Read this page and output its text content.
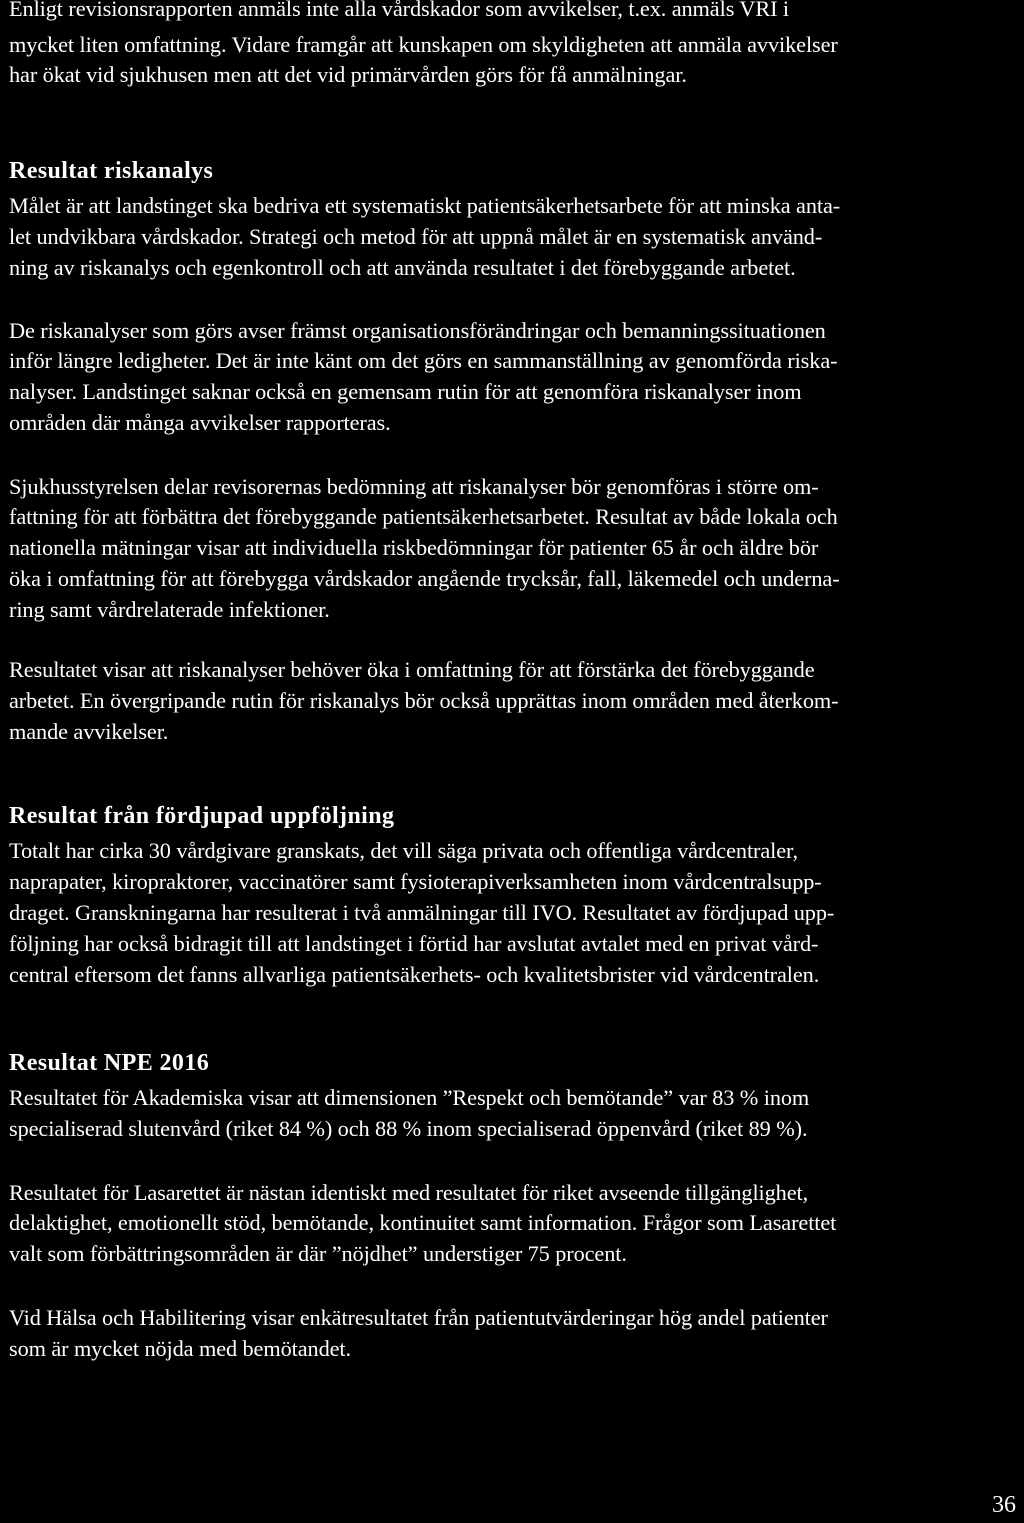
Enligt revisionsrapporten anmäls inte alla vårdskador som avvikelser, t.ex. anmäls VRI i

mycket liten omfattning. Vidare framgår att kunskapen om skyldigheten att anmäla avvikelser

har ökat vid sjukhusen men att det vid primärvården görs för få anmälningar.

Resultat riskanalys

Målet är att landstinget ska bedriva ett systematiskt patientsäkerhetsarbete för att minska anta-

let undvikbara vårdskador. Strategi och metod för att uppnå målet är en systematisk använd-

ning av riskanalys och egenkontroll och att använda resultatet i det förebyggande arbetet.

De riskanalyser som görs avser främst organisationsförändringar och bemanningssituationen

inför längre ledigheter. Det är inte känt om det görs en sammanställning av genomförda riska-

nalyser. Landstinget saknar också en gemensam rutin för att genomföra riskanalyser inom

områden där många avvikelser rapporteras.

Sjukhusstyrelsen delar revisorernas bedömning att riskanalyser bör genomföras i större om-

fattning för att förbättra det förebyggande patientsäkerhetsarbetet. Resultat av både lokala och

nationella mätningar visar att individuella riskbedömningar för patienter 65 år och äldre bör

öka i omfattning för att förebygga vårdskador angående trycksår, fall, läkemedel och underna-

ring samt vårdrelaterade infektioner.

Resultatet visar att riskanalyser behöver öka i omfattning för att förstärka det förebyggande

arbetet. En övergripande rutin för riskanalys bör också upprättas inom områden med återkom-

mande avvikelser.

Resultat från fördjupad uppföljning

Totalt har cirka 30 vårdgivare granskats, det vill säga privata och offentliga vårdcentraler,

naprapater, kiropraktorer, vaccinatörer samt fysioterapiverksamheten inom vårdcentralsupp-

draget. Granskningarna har resulterat i två anmälningar till IVO. Resultatet av fördjupad upp-

följning har också bidragit till att landstinget i förtid har avslutat avtalet med en privat vård-

central eftersom det fanns allvarliga patientsäkerhets- och kvalitetsbrister vid vårdcentralen.

Resultat NPE 2016

Resultatet för Akademiska visar att dimensionen ”Respekt och bemötande” var 83 % inom

specialiserad slutenvård (riket 84 %) och 88 % inom specialiserad öppenvård (riket 89 %).

Resultatet för Lasarettet är nästan identiskt med resultatet för riket avseende tillgänglighet,

delaktighet, emotionellt stöd, bemötande, kontinuitet samt information. Frågor som Lasarettet

valt som förbättringsområden är där ”nöjdhet” understiger 75 procent.

Vid Hälsa och Habilitering visar enkätresultatet från patientutvärderingar hög andel patienter

som är mycket nöjda med bemötandet.

36
